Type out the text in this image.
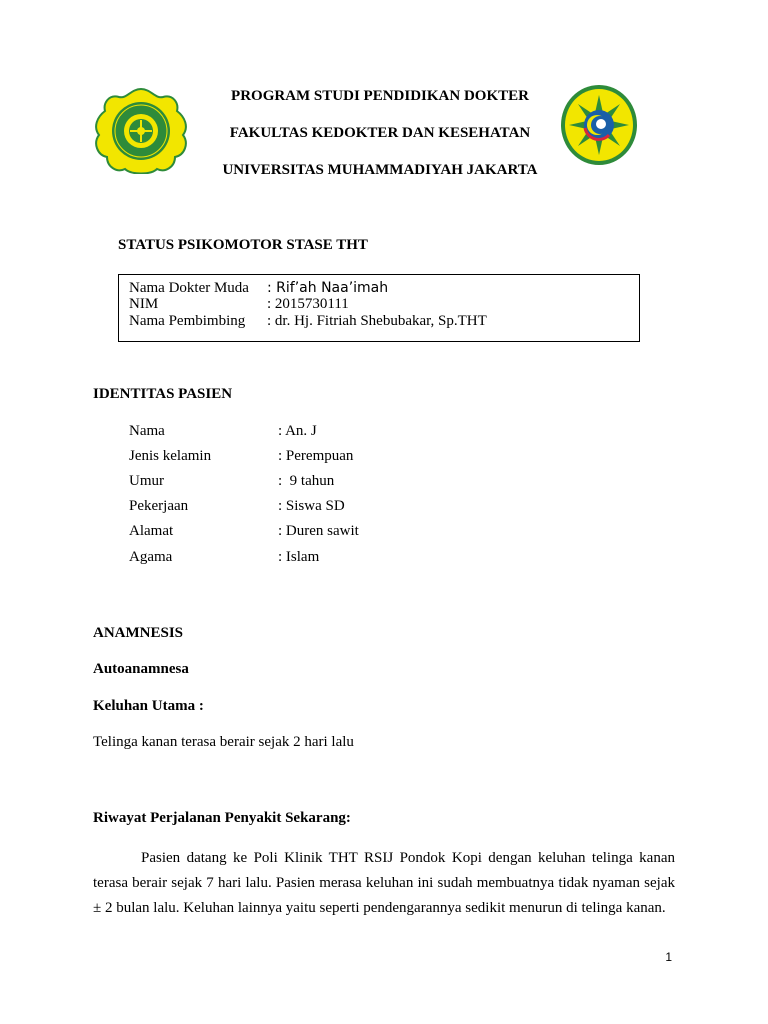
PROGRAM STUDI PENDIDIKAN DOKTER
FAKULTAS KEDOKTER DAN KESEHATAN
UNIVERSITAS MUHAMMADIYAH JAKARTA
STATUS PSIKOMOTOR STASE THT
Nama Dokter Muda : Rif’ah Naa’imah
NIM	: 2015730111
Nama Pembimbing : dr. Hj. Fitriah Shebubakar, Sp.THT
IDENTITAS PASIEN
Nama	: An. J
Jenis kelamin	: Perempuan
Umur	:  9 tahun
Pekerjaan	: Siswa SD
Alamat	: Duren sawit
Agama	: Islam
ANAMNESIS
Autoanamnesa
Keluhan Utama :
Telinga kanan terasa berair sejak 2 hari lalu
Riwayat Perjalanan Penyakit Sekarang:
Pasien datang ke Poli Klinik THT RSIJ Pondok Kopi dengan keluhan telinga kanan terasa berair sejak 7 hari lalu. Pasien merasa keluhan ini sudah membuatnya tidak nyaman sejak ± 2 bulan lalu. Keluhan lainnya yaitu seperti pendengarannya sedikit menurun di telinga kanan.
1
